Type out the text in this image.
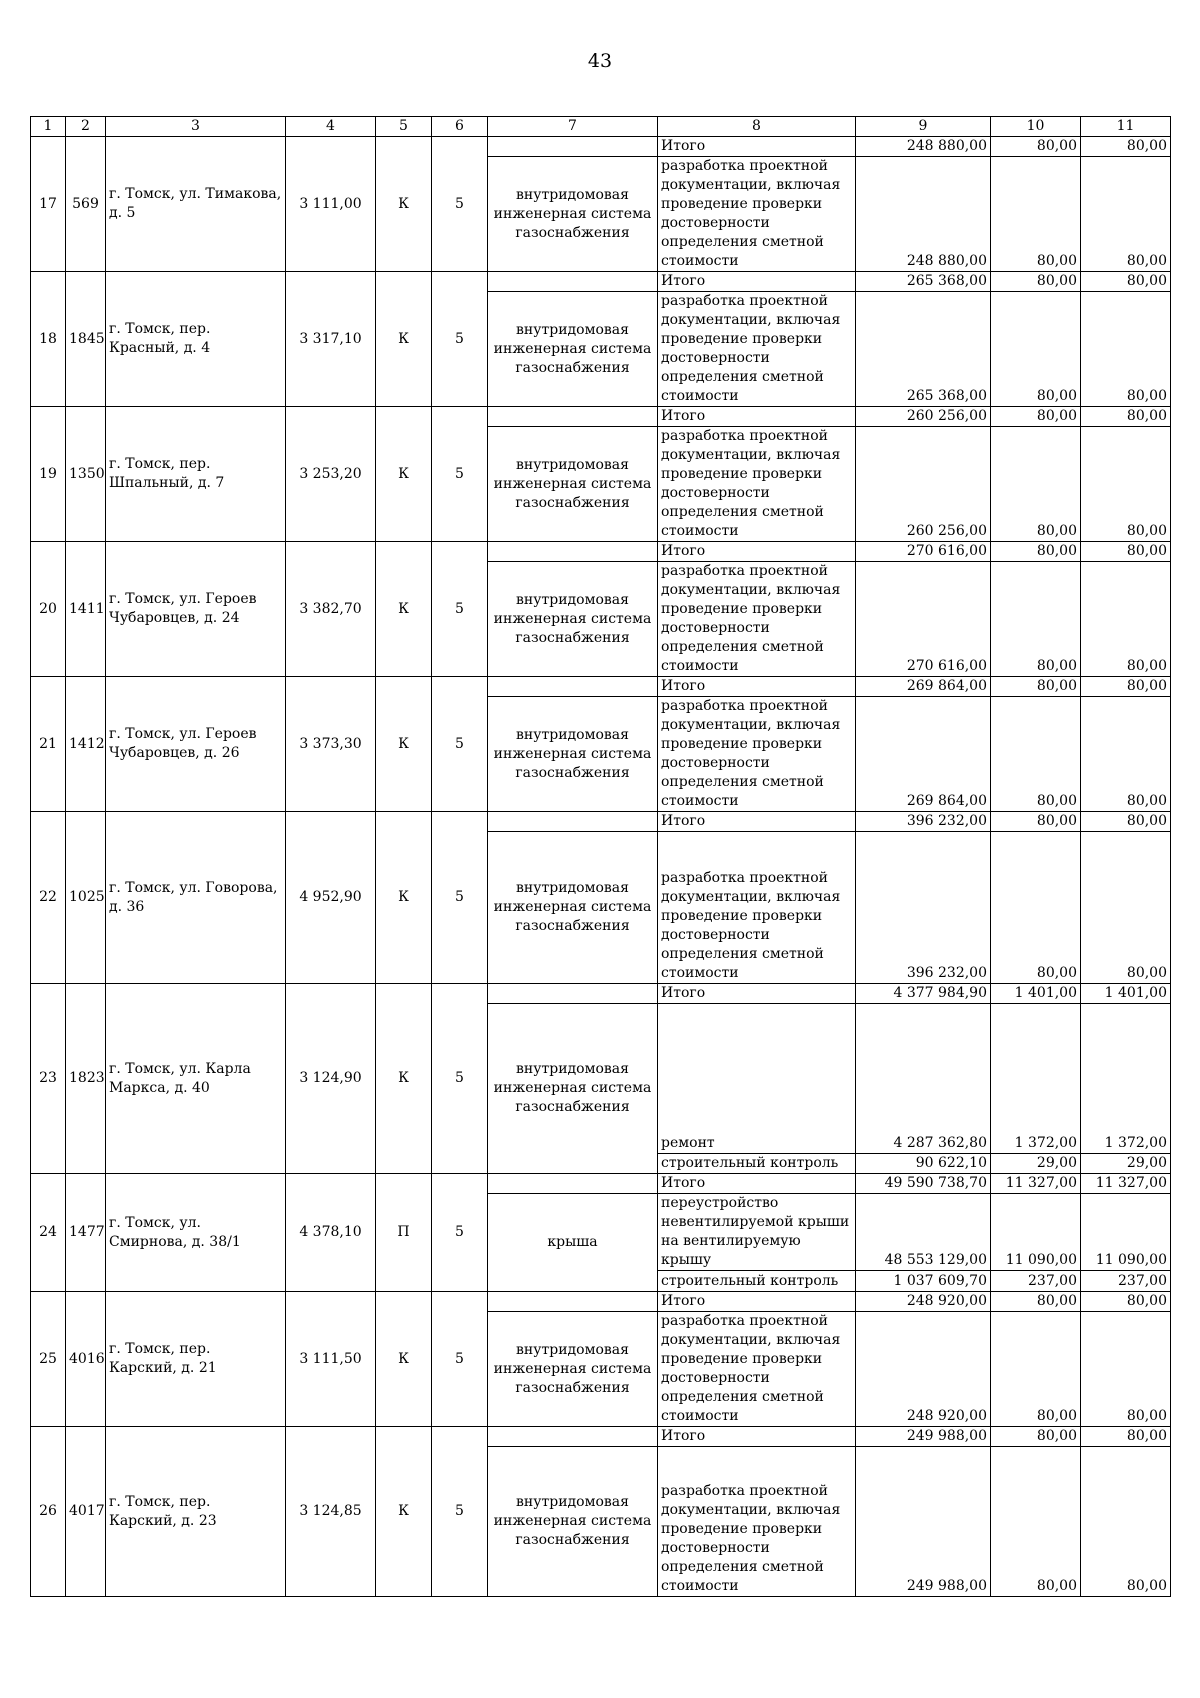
43
1	2	3	4	5	6	7	8	9	10	11
17	569	г. Томск, ул. Тимакова, д. 5	3 111,00	К	5		Итого	248 880,00	80,00	80,00
						внутридомовая инженерная система газоснабжения	разработка проектной документации, включая проведение проверки достоверности определения сметной стоимости	248 880,00	80,00	80,00
18	1845	г. Томск, пер. Красный, д. 4	3 317,10	К	5		Итого	265 368,00	80,00	80,00
						внутридомовая инженерная система газоснабжения	разработка проектной документации, включая проведение проверки достоверности определения сметной стоимости	265 368,00	80,00	80,00
19	1350	г. Томск, пер. Шпальный, д. 7	3 253,20	К	5		Итого	260 256,00	80,00	80,00
						внутридомовая инженерная система газоснабжения	разработка проектной документации, включая проведение проверки достоверности определения сметной стоимости	260 256,00	80,00	80,00
20	1411	г. Томск, ул. Героев Чубаровцев, д. 24	3 382,70	К	5		Итого	270 616,00	80,00	80,00
						внутридомовая инженерная система газоснабжения	разработка проектной документации, включая проведение проверки достоверности определения сметной стоимости	270 616,00	80,00	80,00
21	1412	г. Томск, ул. Героев Чубаровцев, д. 26	3 373,30	К	5		Итого	269 864,00	80,00	80,00
						внутридомовая инженерная система газоснабжения	разработка проектной документации, включая проведение проверки достоверности определения сметной стоимости	269 864,00	80,00	80,00
22	1025	г. Томск, ул. Говорова, д. 36	4 952,90	К	5		Итого	396 232,00	80,00	80,00
						внутридомовая инженерная система газоснабжения	разработка проектной документации, включая проведение проверки достоверности определения сметной стоимости	396 232,00	80,00	80,00
23	1823	г. Томск, ул. Карла Маркса, д. 40	3 124,90	К	5		Итого	4 377 984,90	1 401,00	1 401,00
						внутридомовая инженерная система газоснабжения	ремонт	4 287 362,80	1 372,00	1 372,00
							строительный контроль	90 622,10	29,00	29,00
24	1477	г. Томск, ул. Смирнова, д. 38/1	4 378,10	П	5		Итого	49 590 738,70	11 327,00	11 327,00
						крыша	переустройство невентилируемой крыши на вентилируемую крышу	48 553 129,00	11 090,00	11 090,00
							строительный контроль	1 037 609,70	237,00	237,00
25	4016	г. Томск, пер. Карский, д. 21	3 111,50	К	5		Итого	248 920,00	80,00	80,00
						внутридомовая инженерная система газоснабжения	разработка проектной документации, включая проведение проверки достоверности определения сметной стоимости	248 920,00	80,00	80,00
26	4017	г. Томск, пер. Карский, д. 23	3 124,85	К	5		Итого	249 988,00	80,00	80,00
						внутридомовая инженерная система газоснабжения	разработка проектной документации, включая проведение проверки достоверности определения сметной стоимости	249 988,00	80,00	80,00
